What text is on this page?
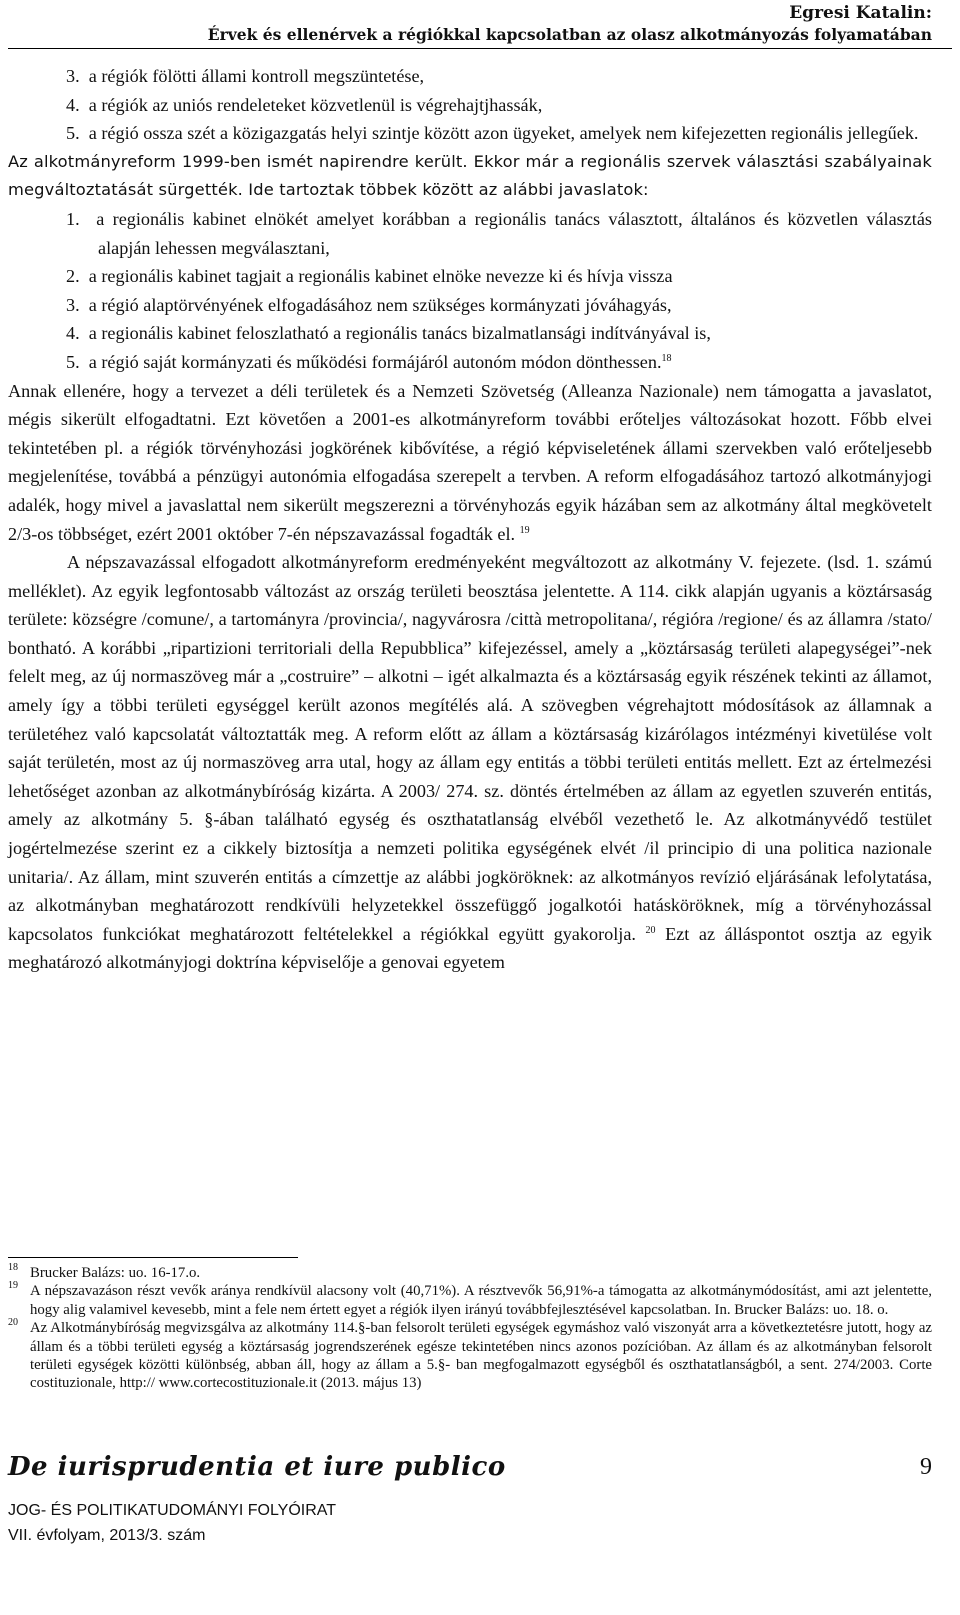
Egresi Katalin:
Érvek és ellenérvek a régiókkal kapcsolatban az olasz alkotmányozás folyamatában

3. a régiók fölötti állami kontroll megszüntetése,

4. a régiók az uniós rendeleteket közvetlenül is végrehajtjhassák,

5. a régió ossza szét a közigazgatás helyi szintje között azon ügyeket, amelyek nem kifejezetten regionális jellegűek.

Az alkotmányreform 1999-ben ismét napirendre került. Ekkor már a regionális szervek választási szabályainak megváltoztatását sürgették. Ide tartoztak többek között az alábbi javaslatok:

1. a regionális kabinet elnökét amelyet korábban a regionális tanács választott, általános és közvetlen választás alapján lehessen megválasztani,

2. a regionális kabinet tagjait a regionális kabinet elnöke nevezze ki és hívja vissza

3. a régió alaptörvényének elfogadásához nem szükséges kormányzati jóváhagyás,

4. a regionális kabinet feloszlatható a regionális tanács bizalmatlansági indítványával is,

5. a régió saját kormányzati és működési formájáról autonóm módon dönthessen.$^{18}$

Annak ellenére, hogy a tervezet a déli területek és a Nemzeti Szövetség (Alleanza Nazionale) nem támogatta a javaslatot, mégis sikerült elfogadtatni. Ezt követően a 2001-es alkotmányreform további erőteljes változásokat hozott. Főbb elvei tekintetében pl. a régiók törvényhozási jogkörének kibővítése, a régió képviseletének állami szervekben való erőteljesebb megjelenítése, továbbá a pénzügyi autonómia elfogadása szerepelt a tervben. A reform elfogadásához tartozó alkotmányjogi adalék, hogy mivel a javaslattal nem sikerült megszerezni a törvényhozás egyik házában sem az alkotmány által megkövetelt 2/3-os többséget, ezért 2001 október 7-én népszavazással fogadták el. $^{19}$

A népszavazással elfogadott alkotmányreform eredményeként megváltozott az alkotmány V. fejezete. (lsd. 1. számú melléklet). Az egyik legfontosabb változást az ország területi beosztása jelentette. A 114. cikk alapján ugyanis a köztársaság területe: községre /comune/, a tartományra /provincia/, nagyvárosra /città metropolitana/, régióra /regione/ és az államra /stato/ bontható. A korábbi „ripartizioni territoriali della Repubblica” kifejezéssel, amely a „köztársaság területi alapegységei”-nek felelt meg, az új normaszöveg már a „costruire” – alkotni – igét alkalmazta és a köztársaság egyik részének tekinti az államot, amely így a többi területi egységgel került azonos megítélés alá. A szövegben végrehajtott módosítások az államnak a területéhez való kapcsolatát változtatták meg. A reform előtt az állam a köztársaság kizárólagos intézményi kivetülése volt saját területén, most az új normaszöveg arra utal, hogy az állam egy entitás a többi területi entitás mellett. Ezt az értelmezési lehetőséget azonban az alkotmánybíróság kizárta. A 2003/ 274. sz. döntés értelmében az állam az egyetlen szuverén entitás, amely az alkotmány 5. §-ában található egység és oszthatatlanság elvéből vezethető le. Az alkotmányvédő testület jogértelmezése szerint ez a cikkely biztosítja a nemzeti politika egységének elvét /il principio di una politica nazionale unitaria/. Az állam, mint szuverén entitás a címzettje az alábbi jogköröknek: az alkotmányos revízió eljárásának lefolytatása, az alkotmányban meghatározott rendkívüli helyzetekkel összefüggő jogalkotói hatásköröknek, míg a törvényhozással kapcsolatos funkciókat meghatározott feltételekkel a régiókkal együtt gyakorolja. $^{20}$ Ezt az álláspontot osztja az egyik meghatározó alkotmányjogi doktrína képviselője a genovai egyetem

18 Brucker Balázs: uo. 16-17.o.
19 A népszavazáson részt vevők aránya rendkívül alacsony volt (40,71%). A résztvevők 56,91%-a támogatta az alkotmánymódosítást, ami azt jelentette, hogy alig valamivel kevesebb, mint a fele nem értett egyet a régiók ilyen irányú továbbfejlesztésével kapcsolatban. In. Brucker Balázs: uo. 18. o.
20 Az Alkotmánybíróság megvizsgálva az alkotmány 114.§-ban felsorolt területi egységek egymáshoz való viszonyát arra a következtetésre jutott, hogy az állam és a többi területi egység a köztársaság jogrendszerének egésze tekintetében nincs azonos pozícióban. Az állam és az alkotmányban felsorolt területi egységek közötti különbség, abban áll, hogy az állam a 5.§- ban megfogalmazott egységből és oszthatatlanságból, a sent. 274/2003. Corte costituzionale, http:// www.cortecostituzionale.it (2013. május 13)
De iurisprudentia et iure publico	9
JOG- ÉS POLITIKATUDOMÁNYI FOLYÓIRAT
VII. évfolyam, 2013/3. szám
